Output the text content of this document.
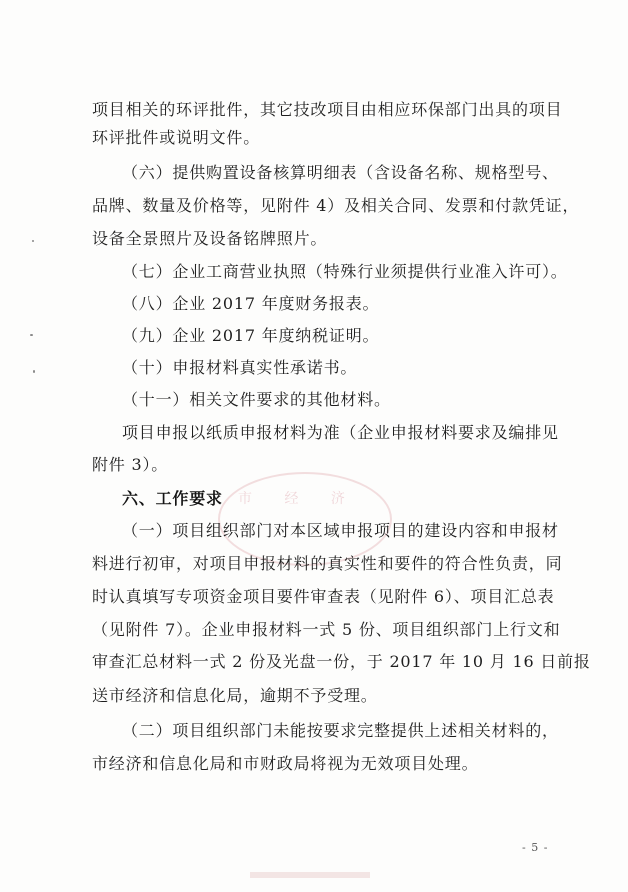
市 经 济

项目相关的环评批件，其它技改项目由相应环保部门出具的项目

环评批件或说明文件。

（六）提供购置设备核算明细表（含设备名称、规格型号、

品牌、数量及价格等，见附件 4）及相关合同、发票和付款凭证，

设备全景照片及设备铭牌照片。

（七）企业工商营业执照（特殊行业须提供行业准入许可）。

（八）企业 2017 年度财务报表。

（九）企业 2017 年度纳税证明。

（十）申报材料真实性承诺书。

（十一）相关文件要求的其他材料。

项目申报以纸质申报材料为准（企业申报材料要求及编排见

附件 3）。

六、工作要求

（一）项目组织部门对本区域申报项目的建设内容和申报材

料进行初审，对项目申报材料的真实性和要件的符合性负责，同

时认真填写专项资金项目要件审查表（见附件 6）、项目汇总表

（见附件 7）。企业申报材料一式 5 份、项目组织部门上行文和

审查汇总材料一式 2 份及光盘一份，于 2017 年 10 月 16 日前报

送市经济和信息化局，逾期不予受理。

（二）项目组织部门未能按要求完整提供上述相关材料的，

市经济和信息化局和市财政局将视为无效项目处理。

- 5 -
